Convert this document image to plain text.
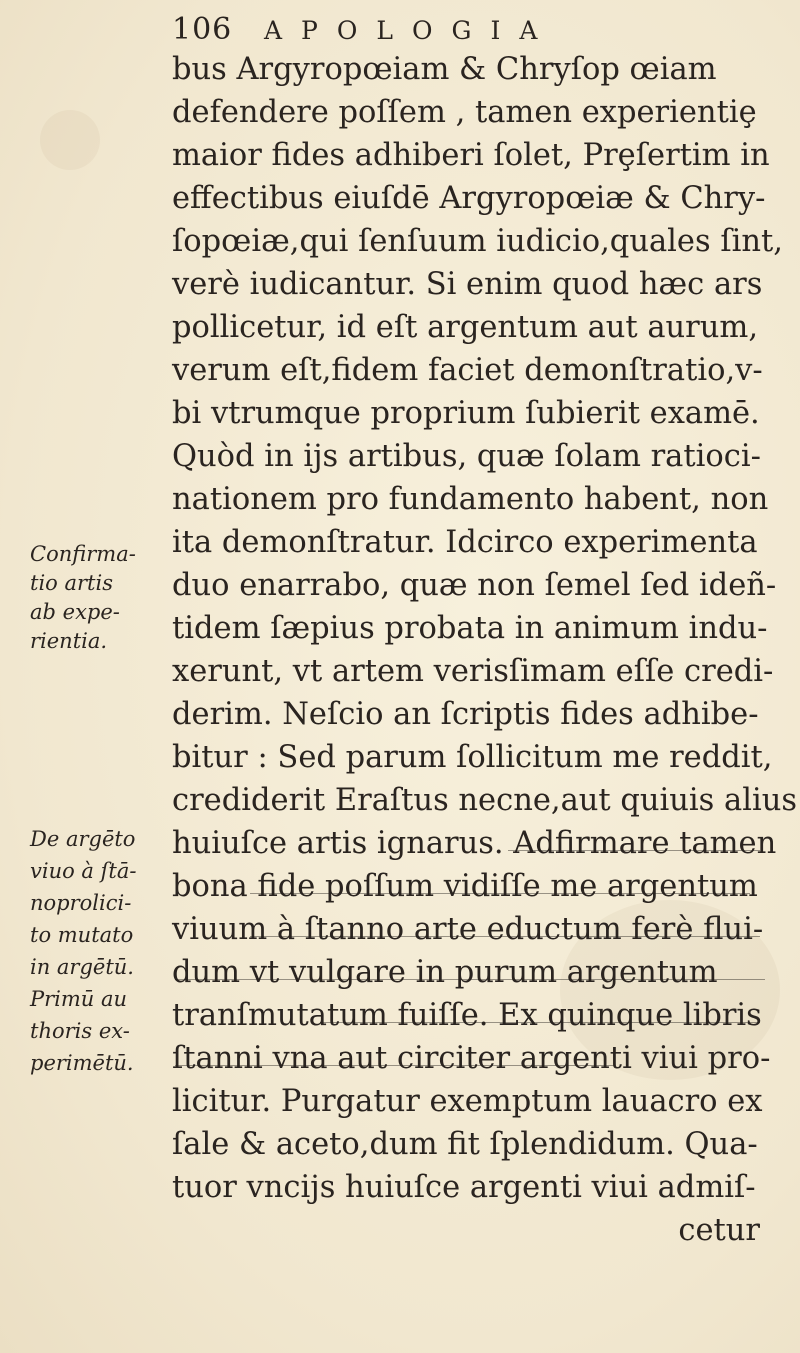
106 APOLOGIA
bus Argyropœiam & Chryſop œiam
defendere poſſem , tamen experientiȩ
maior fides adhiberi ſolet, Prȩſertim in
effectibus eiuſdē Argyropœiæ & Chry-
ſopœiæ,qui ſenſuum iudicio,quales ſint,
verè iudicantur. Si enim quod hæc ars
pollicetur, id eſt argentum aut aurum,
verum eſt,fidem faciet demonſtratio,v-
bi vtrumque proprium ſubierit examē.
Quòd in ijs artibus, quæ ſolam ratioci-
nationem pro fundamento habent, non
ita demonſtratur. Idcirco experimenta
duo enarrabo, quæ non ſemel ſed ideñ-
tidem ſæpius probata in animum indu-
xerunt, vt artem verisſimam eſſe credi-
derim. Neſcio an ſcriptis fides adhibe-
bitur : Sed parum ſollicitum me reddit,
crediderit Eraſtus necne,aut quiuis alius
huiuſce artis ignarus. Adfirmare tamen
bona fide poſſum vidiſſe me argentum
viuum à ſtanno arte eductum ferè flui-
dum vt vulgare in purum argentum
tranſmutatum fuiſſe. Ex quinque libris
ſtanni vna aut circiter argenti viui pro-
licitur. Purgatur exemptum lauacro ex
ſale & aceto,dum fit ſplendidum. Qua-
tuor vncijs huiuſce argenti viui admiſ-
cetur
Confirma-
tio artis
ab expe-
rientia.
De argēto
viuo à ſtā-
noprolici-
to mutato
in argētū.
Primū au
thoris ex-
perimētū.
